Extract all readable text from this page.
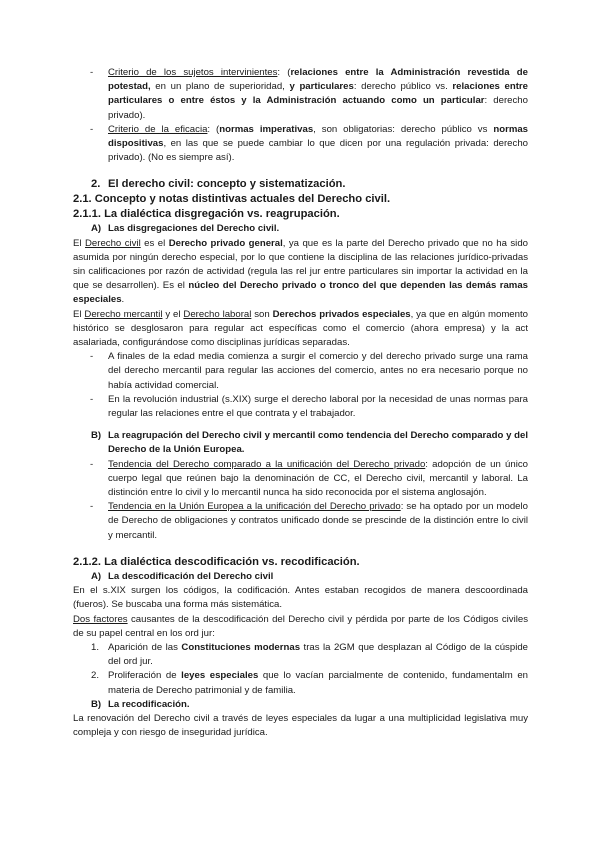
- Criterio de los sujetos intervinientes: (relaciones entre la Administración revestida de potestad, en un plano de superioridad, y particulares: derecho público vs. relaciones entre particulares o entre éstos y la Administración actuando como un particular: derecho privado).
- Criterio de la eficacia: (normas imperativas, son obligatorias: derecho público vs normas dispositivas, en las que se puede cambiar lo que dicen por una regulación privada: derecho privado). (No es siempre así).
2. El derecho civil: concepto y sistematización.

2.1. Concepto y notas distintivas actuales del Derecho civil.

2.1.1. La dialéctica disgregación vs. reagrupación.

A) Las disgregaciones del Derecho civil.

El Derecho civil es el Derecho privado general, ya que es la parte del Derecho privado que no ha sido asumida por ningún derecho especial, por lo que contiene la disciplina de las relaciones jurídico-privadas sin calificaciones por razón de actividad (regula las rel jur entre particulares sin importar la actividad en la que se desarrollen). Es el núcleo del Derecho privado o tronco del que dependen las demás ramas especiales.

El Derecho mercantil y el Derecho laboral son Derechos privados especiales, ya que en algún momento histórico se desglosaron para regular act específicas como el comercio (ahora empresa) y la act asalariada, configurándose como disciplinas jurídicas separadas.

- A finales de la edad media comienza a surgir el comercio y del derecho privado surge una rama del derecho mercantil para regular las acciones del comercio, antes no era necesario porque no había actividad comercial.
- En la revolución industrial (s.XIX) surge el derecho laboral por la necesidad de unas normas para regular las relaciones entre el que contrata y el trabajador.
B) La reagrupación del Derecho civil y mercantil como tendencia del Derecho comparado y del Derecho de la Unión Europea.
- Tendencia del Derecho comparado a la unificación del Derecho privado: adopción de un único cuerpo legal que reúnen bajo la denominación de CC, el Derecho civil, mercantil y laboral. La distinción entre lo civil y lo mercantil nunca ha sido reconocida por el sistema anglosajón.
- Tendencia en la Unión Europea a la unificación del Derecho privado: se ha optado por un modelo de Derecho de obligaciones y contratos unificado donde se prescinde de la distinción entre lo civil y mercantil.

2.1.2. La dialéctica descodificación vs. recodificación.

A) La descodificación del Derecho civil

En el s.XIX surgen los códigos, la codificación. Antes estaban recogidos de manera descoordinada (fueros). Se buscaba una forma más sistemática.

Dos factores causantes de la descodificación del Derecho civil y pérdida por parte de los Códigos civiles de su papel central en los ord jur:

1. Aparición de las Constituciones modernas tras la 2GM que desplazan al Código de la cúspide del ord jur.
2. Proliferación de leyes especiales que lo vacían parcialmente de contenido, fundamentalm en materia de Derecho patrimonial y de familia.
B) La recodificación.

La renovación del Derecho civil a través de leyes especiales da lugar a una multiplicidad legislativa muy compleja y con riesgo de inseguridad jurídica.
